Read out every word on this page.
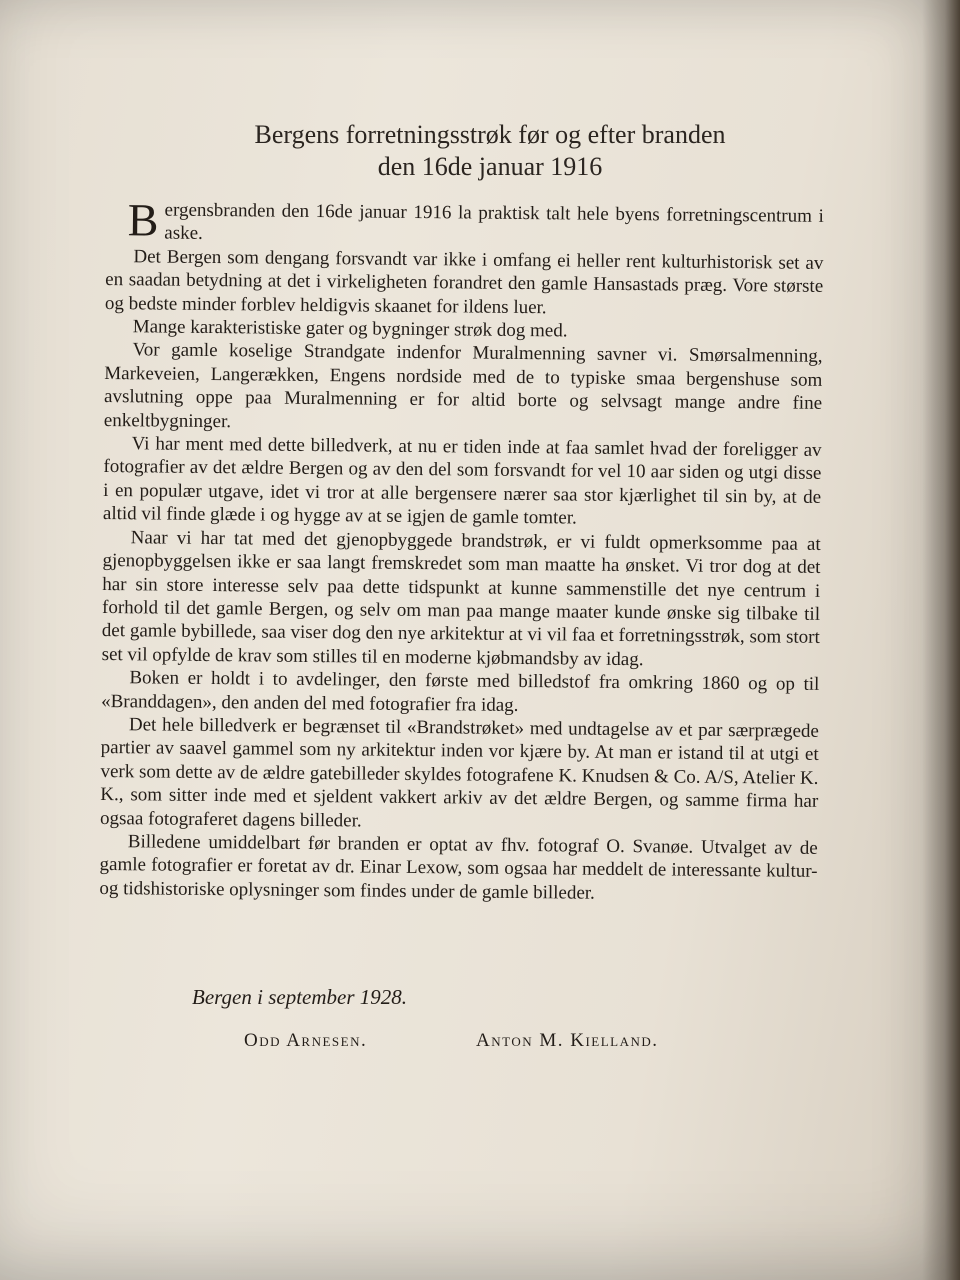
Bergens forretningsstrøk før og efter branden
den 16de januar 1916

Bergensbranden den 16de januar 1916 la praktisk talt hele byens forretningscentrum i aske.

Det Bergen som dengang forsvandt var ikke i omfang ei heller rent kulturhistorisk set av en saadan betydning at det i virkeligheten forandret den gamle Hansastads præg. Vore største og bedste minder forblev heldigvis skaanet for ildens luer.

Mange karakteristiske gater og bygninger strøk dog med.

Vor gamle koselige Strandgate indenfor Muralmenning savner vi. Smørsalmenning, Markeveien, Langerækken, Engens nordside med de to typiske smaa bergenshuse som avslutning oppe paa Muralmenning er for altid borte og selvsagt mange andre fine enkeltbygninger.

Vi har ment med dette billedverk, at nu er tiden inde at faa samlet hvad der foreligger av fotografier av det ældre Bergen og av den del som forsvandt for vel 10 aar siden og utgi disse i en populær utgave, idet vi tror at alle bergensere nærer saa stor kjærlighet til sin by, at de altid vil finde glæde i og hygge av at se igjen de gamle tomter.

Naar vi har tat med det gjenopbyggede brandstrøk, er vi fuldt opmerksomme paa at gjenopbyggelsen ikke er saa langt fremskredet som man maatte ha ønsket. Vi tror dog at det har sin store interesse selv paa dette tidspunkt at kunne sammenstille det nye centrum i forhold til det gamle Bergen, og selv om man paa mange maater kunde ønske sig tilbake til det gamle bybillede, saa viser dog den nye arkitektur at vi vil faa et forretningsstrøk, som stort set vil opfylde de krav som stilles til en moderne kjøbmandsby av idag.

Boken er holdt i to avdelinger, den første med billedstof fra omkring 1860 og op til «Branddagen», den anden del med fotografier fra idag.

Det hele billedverk er begrænset til «Brandstrøket» med undtagelse av et par særprægede partier av saavel gammel som ny arkitektur inden vor kjære by. At man er istand til at utgi et verk som dette av de ældre gatebilleder skyldes fotografene K. Knudsen & Co. A/S, Atelier K. K., som sitter inde med et sjeldent vakkert arkiv av det ældre Bergen, og samme firma har ogsaa fotograferet dagens billeder.

Billedene umiddelbart før branden er optat av fhv. fotograf O. Svanøe. Utvalget av de gamle fotografier er foretat av dr. Einar Lexow, som ogsaa har meddelt de interessante kultur- og tidshistoriske oplysninger som findes under de gamle billeder.

Bergen i september 1928.
Odd Arnesen.	Anton M. Kielland.
